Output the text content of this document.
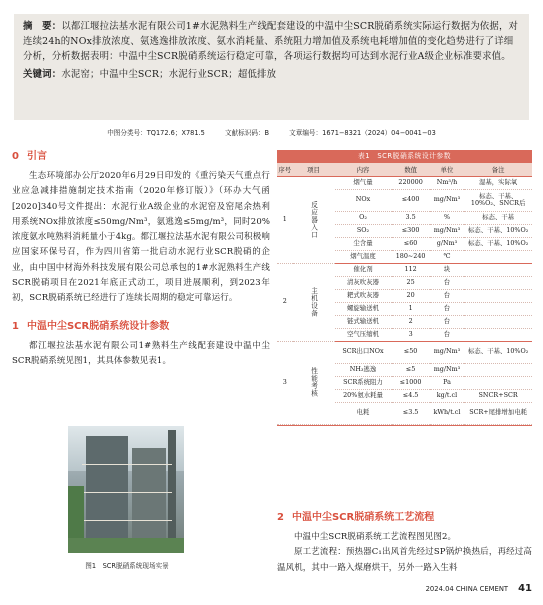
摘　要：以都江堰拉法基水泥有限公司1#水泥熟料生产线配套建设的中温中尘SCR脱硝系统实际运行数据为依据，对连续24h的NOx排放浓度、氨逃逸排放浓度、氨水消耗量、系统阻力增加值及系统电耗增加值的变化趋势进行了详细分析，分析数据表明：中温中尘SCR脱硝系统运行稳定可靠，各项运行数据均可达到水泥行业A级企业标准要求值。
关键词：水泥窑；中温中尘SCR；水泥行业SCR；超低排放
中图分类号：TQ172.6；X781.5	文献标识码：B	文章编号：1671−8321（2024）04−0041−03
0 引言

生态环境部办公厅2020年6月29日印发的《重污染天气重点行业应急减排措施制定技术指南（2020年修订版）》（环办大气函[2020]340号文件提出：水泥行业A级企业的水泥窑及窑尾余热利用系统NOx排放浓度≤50mg/Nm³，氨逃逸≤5mg/m³，同时20%浓度氨水吨熟料消耗量小于4kg。都江堰拉法基水泥有限公司积极响应国家环保号召，作为四川省第一批启动水泥行业SCR脱硝的企业，由中国中材海外科技发展有限公司总承包的1#水泥熟料生产线SCR脱硝项目在2021年底正式动工，项目进展顺利，到2023年初，SCR脱硝系统已经进行了连续长周期的稳定可靠运行。

1 中温中尘SCR脱硝系统设计参数

都江堰拉法基水泥有限公司1#熟料生产线配套建设中温中尘SCR脱硝系统见图1，其具体参数见表1。

图1　SCR脱硝系统现场实景
表1　SCR脱硝系统设计参数
序号	项目	内容	数值	单位	备注
1	反应器入口	烟气量	220000	Nm³/h	湿基，实际氧
		NOx	≤400	mg/Nm³	标态、干基、10%O₂、SNCR后
		O₂	3.5	%	标态、干基
		SO₂	≤300	mg/Nm³	标态、干基、10%O₂
		尘含量	≤60	g/Nm³	标态、干基、10%O₂
		烟气温度	180~240	℃	
2	主机设备	催化剂	112	块	
		清灰吹灰器	25	台	
		耙式吹灰器	20	台	
		螺旋输送机	1	台	
		链式输送机	2	台	
		空气压缩机	3	台	
3	性能考核	SCR出口NOx	≤50	mg/Nm³	标态、干基、10%O₂
		NH₃逃逸	≤5	mg/Nm³	
		SCR系统阻力	≤1000	Pa	
		20%氨水耗量	≤4.5	kg/t.cl	SNCR+SCR
		电耗	≤3.5	kWh/t.cl	SCR+尾排增加电耗
2 中温中尘SCR脱硝系统工艺流程

中温中尘SCR脱硝系统工艺流程图见图2。

原工艺流程：预热器C₁出风首先经过SP锅炉换热后，再经过高温风机，其中一路入煤磨烘干，另外一路入生料

2024.04 CHINA CEMENT 41
